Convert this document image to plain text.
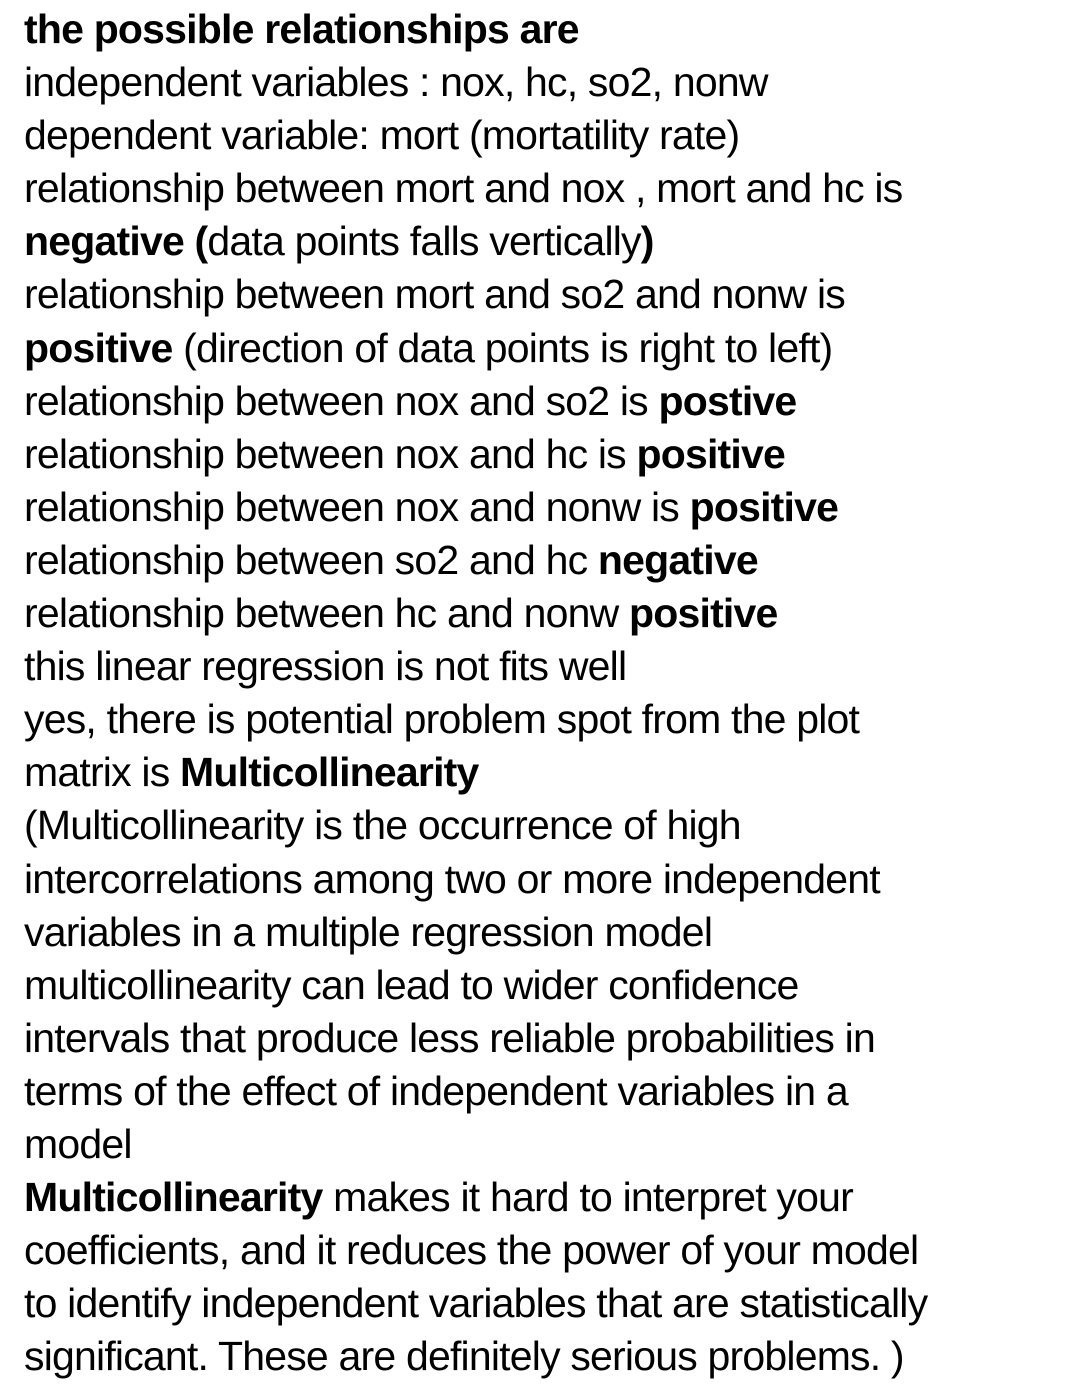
the possible relationships are
independent variables : nox, hc, so2, nonw
dependent variable: mort (mortatility rate)
relationship between mort and nox , mort and hc is
negative (data points falls vertically)
relationship between mort and so2 and nonw is
positive (direction of data points is right to left)
relationship between nox and so2 is postive
relationship between nox and hc is positive
relationship between nox and nonw is positive
relationship between so2 and hc negative
relationship between hc and nonw positive
this linear regression is not fits well
yes, there is potential problem spot from the plot
matrix is Multicollinearity
(Multicollinearity is the occurrence of high
intercorrelations among two or more independent
variables in a multiple regression model
multicollinearity can lead to wider confidence
intervals that produce less reliable probabilities in
terms of the effect of independent variables in a
model
Multicollinearity makes it hard to interpret your
coefficients, and it reduces the power of your model
to identify independent variables that are statistically
significant. These are definitely serious problems. )
